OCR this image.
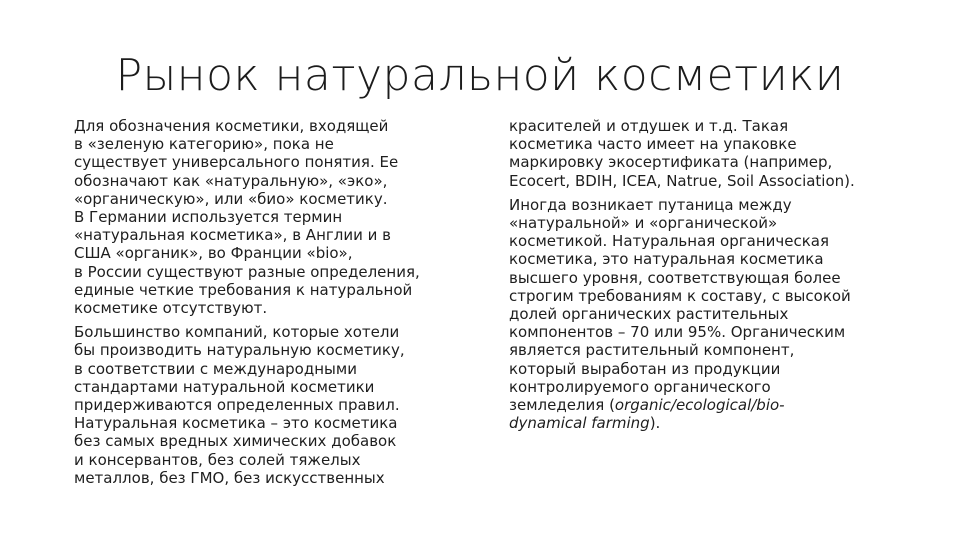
Рынок натуральной косметики

Для обозначения косметики, входящей
в «зеленую категорию», пока не
существует универсального понятия. Ее
обозначают как «натуральную», «эко»,
«органическую», или «био» косметику.
В Германии используется термин
«натуральная косметика», в Англии и в
США «органик», во Франции «bio»,
в России существуют разные определения,
единые четкие требования к натуральной
косметике отсутствуют.

Большинство компаний, которые хотели
бы производить натуральную косметику,
в соответствии с международными
стандартами натуральной косметики
придерживаются определенных правил.
Натуральная косметика – это косметика
без самых вредных химических добавок
и консервантов, без солей тяжелых
металлов, без ГМО, без искусственных

красителей и отдушек и т.д. Такая
косметика часто имеет на упаковке
маркировку экосертификата (например,
Ecocert, BDIH, ICEA, Natrue, Soil Association).

Иногда возникает путаница между
«натуральной» и «органической»
косметикой. Натуральная органическая
косметика, это натуральная косметика
высшего уровня, соответствующая более
строгим требованиям к составу, с высокой
долей органических растительных
компонентов – 70 или 95%. Органическим
является растительный компонент,
который выработан из продукции
контролируемого органического
земледелия (organic/ecological/bio-
dynamical farming).
